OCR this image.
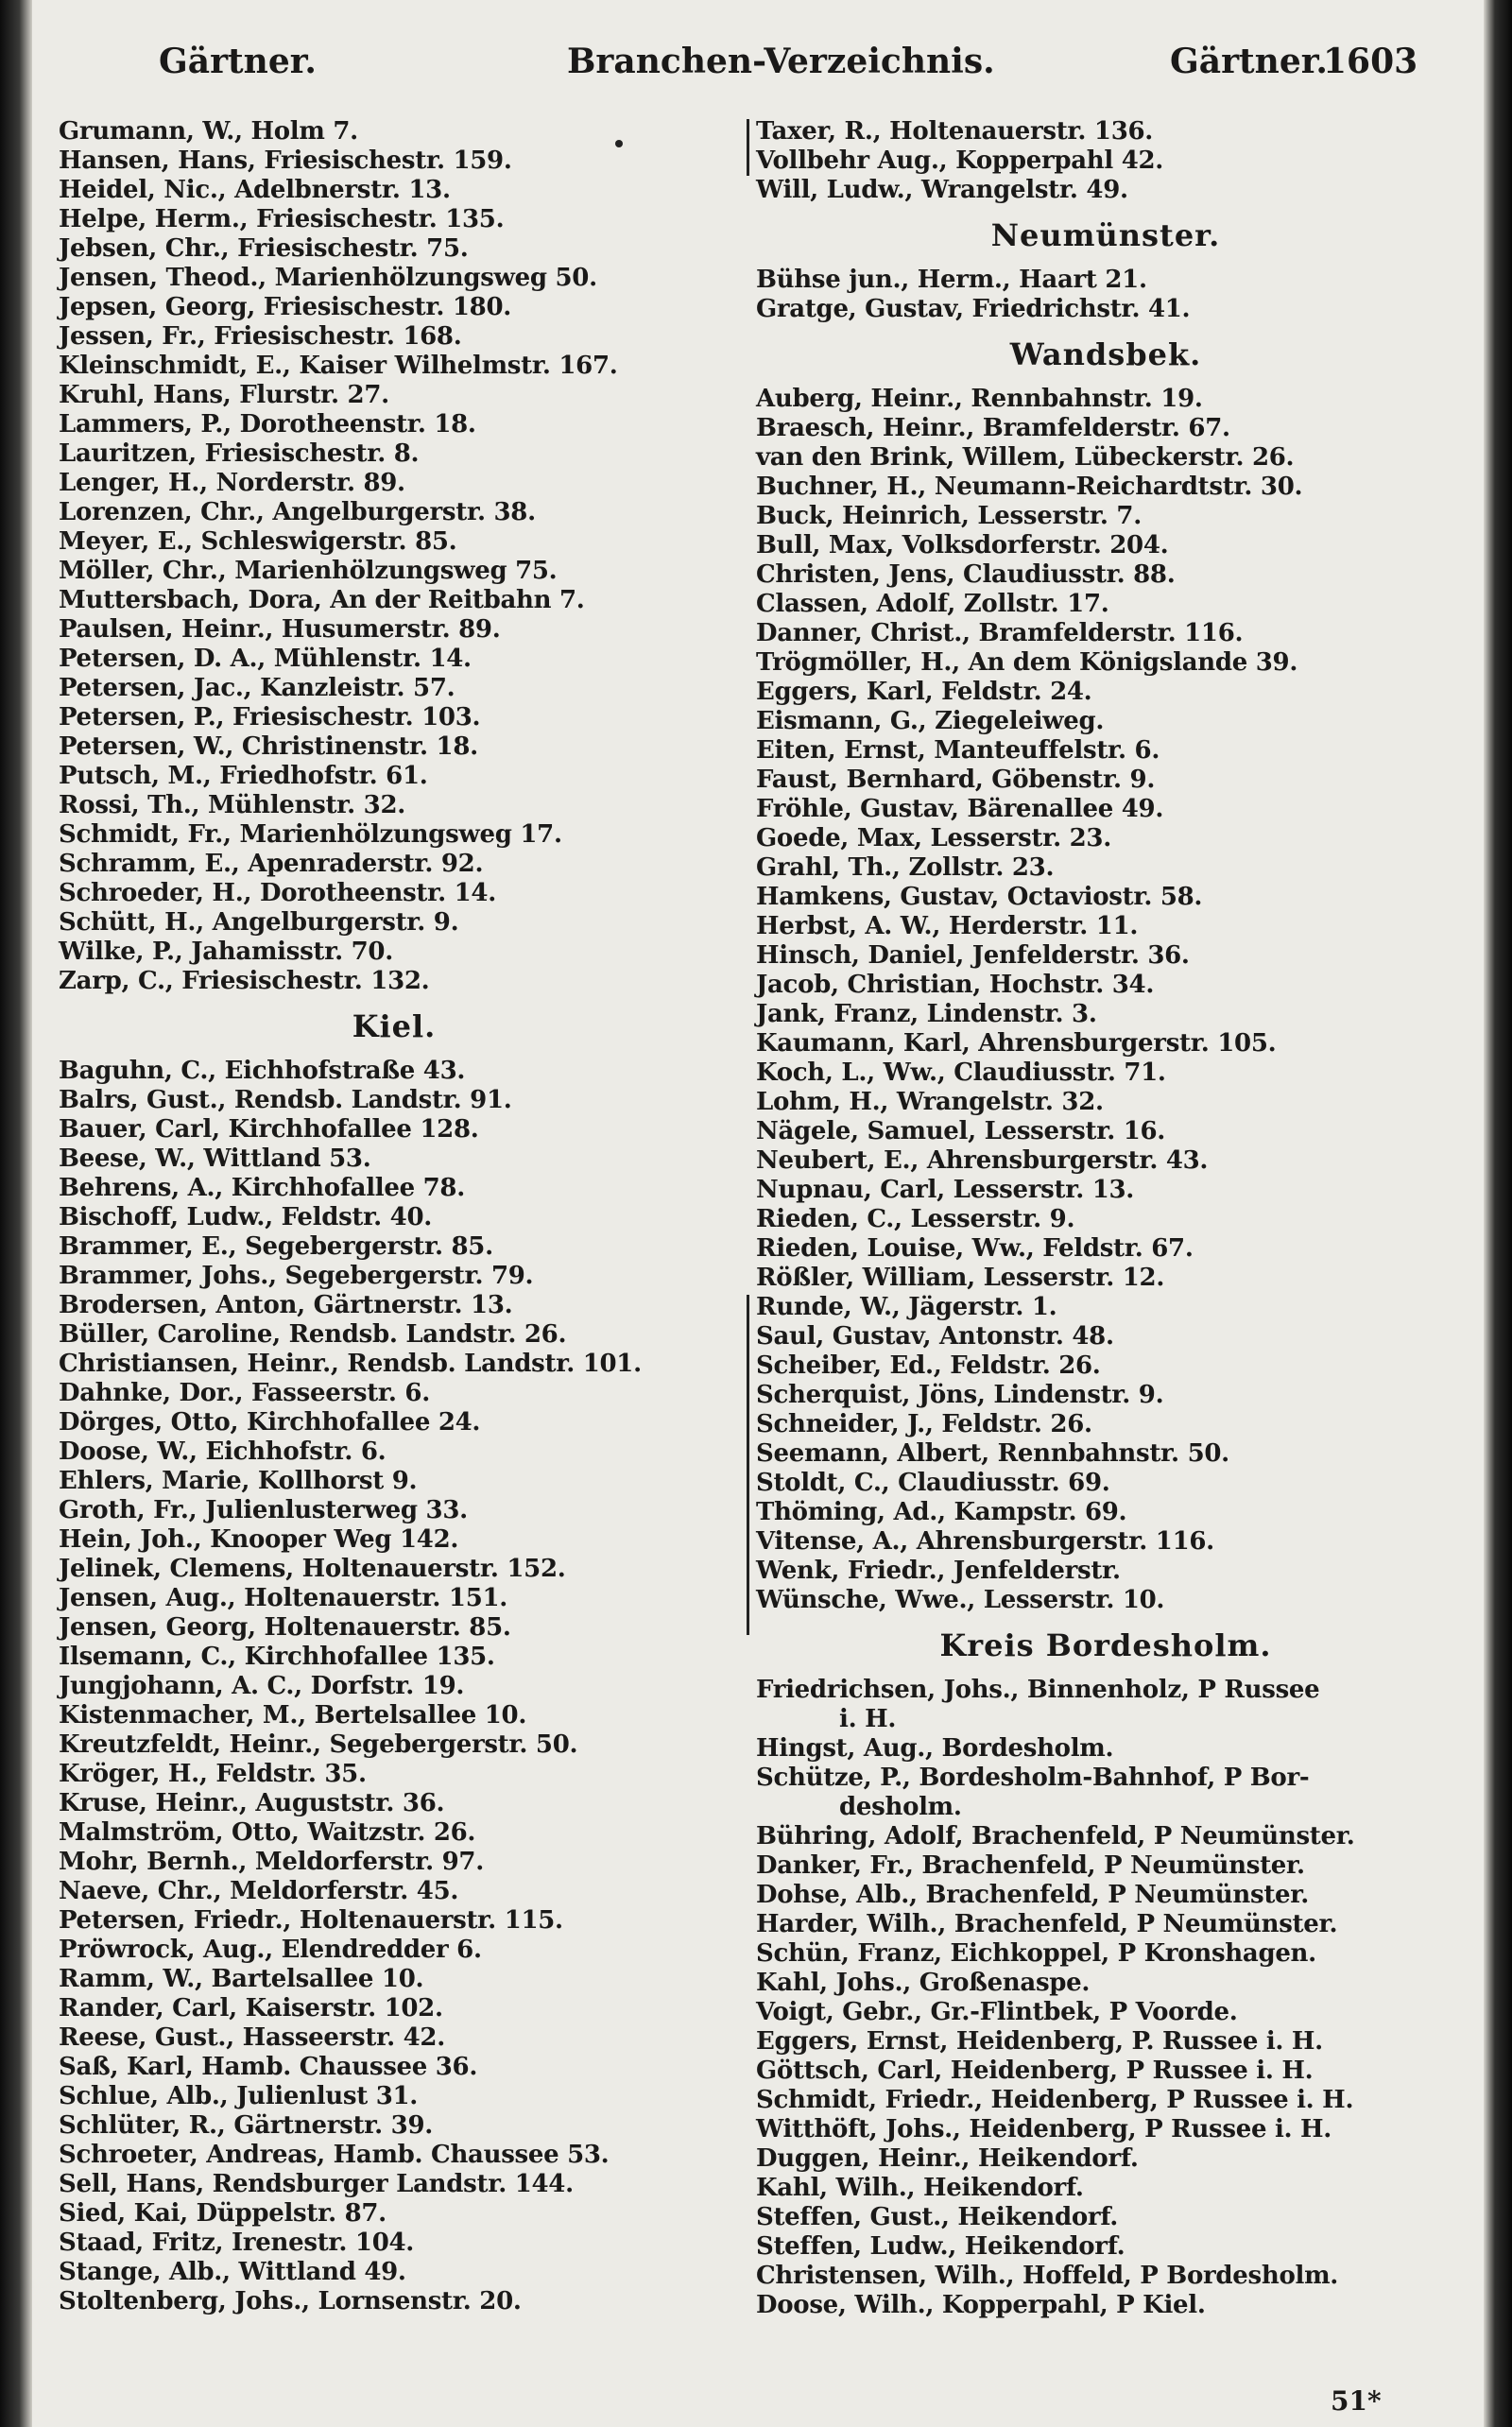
Gärtner.	Branchen-Verzeichnis.	Gärtner.
1603
Grumann, W., Holm 7.
Hansen, Hans, Friesischestr. 159.
Heidel, Nic., Adelbnerstr. 13.
Helpe, Herm., Friesischestr. 135.
Jebsen, Chr., Friesischestr. 75.
Jensen, Theod., Marienhölzungsweg 50.
Jepsen, Georg, Friesischestr. 180.
Jessen, Fr., Friesischestr. 168.
Kleinschmidt, E., Kaiser Wilhelmstr. 167.
Kruhl, Hans, Flurstr. 27.
Lammers, P., Dorotheenstr. 18.
Lauritzen, Friesischestr. 8.
Lenger, H., Norderstr. 89.
Lorenzen, Chr., Angelburgerstr. 38.
Meyer, E., Schleswigerstr. 85.
Möller, Chr., Marienhölzungsweg 75.
Muttersbach, Dora, An der Reitbahn 7.
Paulsen, Heinr., Husumerstr. 89.
Petersen, D. A., Mühlenstr. 14.
Petersen, Jac., Kanzleistr. 57.
Petersen, P., Friesischestr. 103.
Petersen, W., Christinenstr. 18.
Putsch, M., Friedhofstr. 61.
Rossi, Th., Mühlenstr. 32.
Schmidt, Fr., Marienhölzungsweg 17.
Schramm, E., Apenraderstr. 92.
Schroeder, H., Dorotheenstr. 14.
Schütt, H., Angelburgerstr. 9.
Wilke, P., Jahamisstr. 70.
Zarp, C., Friesischestr. 132.
Kiel.
Baguhn, C., Eichhofstraße 43.
Balrs, Gust., Rendsb. Landstr. 91.
Bauer, Carl, Kirchhofallee 128.
Beese, W., Wittland 53.
Behrens, A., Kirchhofallee 78.
Bischoff, Ludw., Feldstr. 40.
Brammer, E., Segebergerstr. 85.
Brammer, Johs., Segebergerstr. 79.
Brodersen, Anton, Gärtnerstr. 13.
Büller, Caroline, Rendsb. Landstr. 26.
Christiansen, Heinr., Rendsb. Landstr. 101.
Dahnke, Dor., Fasseerstr. 6.
Dörges, Otto, Kirchhofallee 24.
Doose, W., Eichhofstr. 6.
Ehlers, Marie, Kollhorst 9.
Groth, Fr., Julienlusterweg 33.
Hein, Joh., Knooper Weg 142.
Jelinek, Clemens, Holtenauerstr. 152.
Jensen, Aug., Holtenauerstr. 151.
Jensen, Georg, Holtenauerstr. 85.
Ilsemann, C., Kirchhofallee 135.
Jungjohann, A. C., Dorfstr. 19.
Kistenmacher, M., Bertelsallee 10.
Kreutzfeldt, Heinr., Segebergerstr. 50.
Kröger, H., Feldstr. 35.
Kruse, Heinr., Auguststr. 36.
Malmström, Otto, Waitzstr. 26.
Mohr, Bernh., Meldorferstr. 97.
Naeve, Chr., Meldorferstr. 45.
Petersen, Friedr., Holtenauerstr. 115.
Pröwrock, Aug., Elendredder 6.
Ramm, W., Bartelsallee 10.
Rander, Carl, Kaiserstr. 102.
Reese, Gust., Hasseerstr. 42.
Saß, Karl, Hamb. Chaussee 36.
Schlue, Alb., Julienlust 31.
Schlüter, R., Gärtnerstr. 39.
Schroeter, Andreas, Hamb. Chaussee 53.
Sell, Hans, Rendsburger Landstr. 144.
Sied, Kai, Düppelstr. 87.
Staad, Fritz, Irenestr. 104.
Stange, Alb., Wittland 49.
Stoltenberg, Johs., Lornsenstr. 20.
Taxer, R., Holtenauerstr. 136.
Vollbehr Aug., Kopperpahl 42.
Will, Ludw., Wrangelstr. 49.
Neumünster.
Bühse jun., Herm., Haart 21.
Gratge, Gustav, Friedrichstr. 41.
Wandsbek.
Auberg, Heinr., Rennbahnstr. 19.
Braesch, Heinr., Bramfelderstr. 67.
van den Brink, Willem, Lübeckerstr. 26.
Buchner, H., Neumann-Reichardtstr. 30.
Buck, Heinrich, Lesserstr. 7.
Bull, Max, Volksdorferstr. 204.
Christen, Jens, Claudiusstr. 88.
Classen, Adolf, Zollstr. 17.
Danner, Christ., Bramfelderstr. 116.
Trögmöller, H., An dem Königslande 39.
Eggers, Karl, Feldstr. 24.
Eismann, G., Ziegeleiweg.
Eiten, Ernst, Manteuffelstr. 6.
Faust, Bernhard, Göbenstr. 9.
Fröhle, Gustav, Bärenallee 49.
Goede, Max, Lesserstr. 23.
Grahl, Th., Zollstr. 23.
Hamkens, Gustav, Octaviostr. 58.
Herbst, A. W., Herderstr. 11.
Hinsch, Daniel, Jenfelderstr. 36.
Jacob, Christian, Hochstr. 34.
Jank, Franz, Lindenstr. 3.
Kaumann, Karl, Ahrensburgerstr. 105.
Koch, L., Ww., Claudiusstr. 71.
Lohm, H., Wrangelstr. 32.
Nägele, Samuel, Lesserstr. 16.
Neubert, E., Ahrensburgerstr. 43.
Nupnau, Carl, Lesserstr. 13.
Rieden, C., Lesserstr. 9.
Rieden, Louise, Ww., Feldstr. 67.
Rößler, William, Lesserstr. 12.
Runde, W., Jägerstr. 1.
Saul, Gustav, Antonstr. 48.
Scheiber, Ed., Feldstr. 26.
Scherquist, Jöns, Lindenstr. 9.
Schneider, J., Feldstr. 26.
Seemann, Albert, Rennbahnstr. 50.
Stoldt, C., Claudiusstr. 69.
Thöming, Ad., Kampstr. 69.
Vitense, A., Ahrensburgerstr. 116.
Wenk, Friedr., Jenfelderstr.
Wünsche, Wwe., Lesserstr. 10.
Kreis Bordesholm.
Friedrichsen, Johs., Binnenholz, P Russee
i. H.
Hingst, Aug., Bordesholm.
Schütze, P., Bordesholm-Bahnhof, P Bor-
desholm.
Bühring, Adolf, Brachenfeld, P Neumünster.
Danker, Fr., Brachenfeld, P Neumünster.
Dohse, Alb., Brachenfeld, P Neumünster.
Harder, Wilh., Brachenfeld, P Neumünster.
Schün, Franz, Eichkoppel, P Kronshagen.
Kahl, Johs., Großenaspe.
Voigt, Gebr., Gr.-Flintbek, P Voorde.
Eggers, Ernst, Heidenberg, P. Russee i. H.
Göttsch, Carl, Heidenberg, P Russee i. H.
Schmidt, Friedr., Heidenberg, P Russee i. H.
Witthöft, Johs., Heidenberg, P Russee i. H.
Duggen, Heinr., Heikendorf.
Kahl, Wilh., Heikendorf.
Steffen, Gust., Heikendorf.
Steffen, Ludw., Heikendorf.
Christensen, Wilh., Hoffeld, P Bordesholm.
Doose, Wilh., Kopperpahl, P Kiel.
51*
